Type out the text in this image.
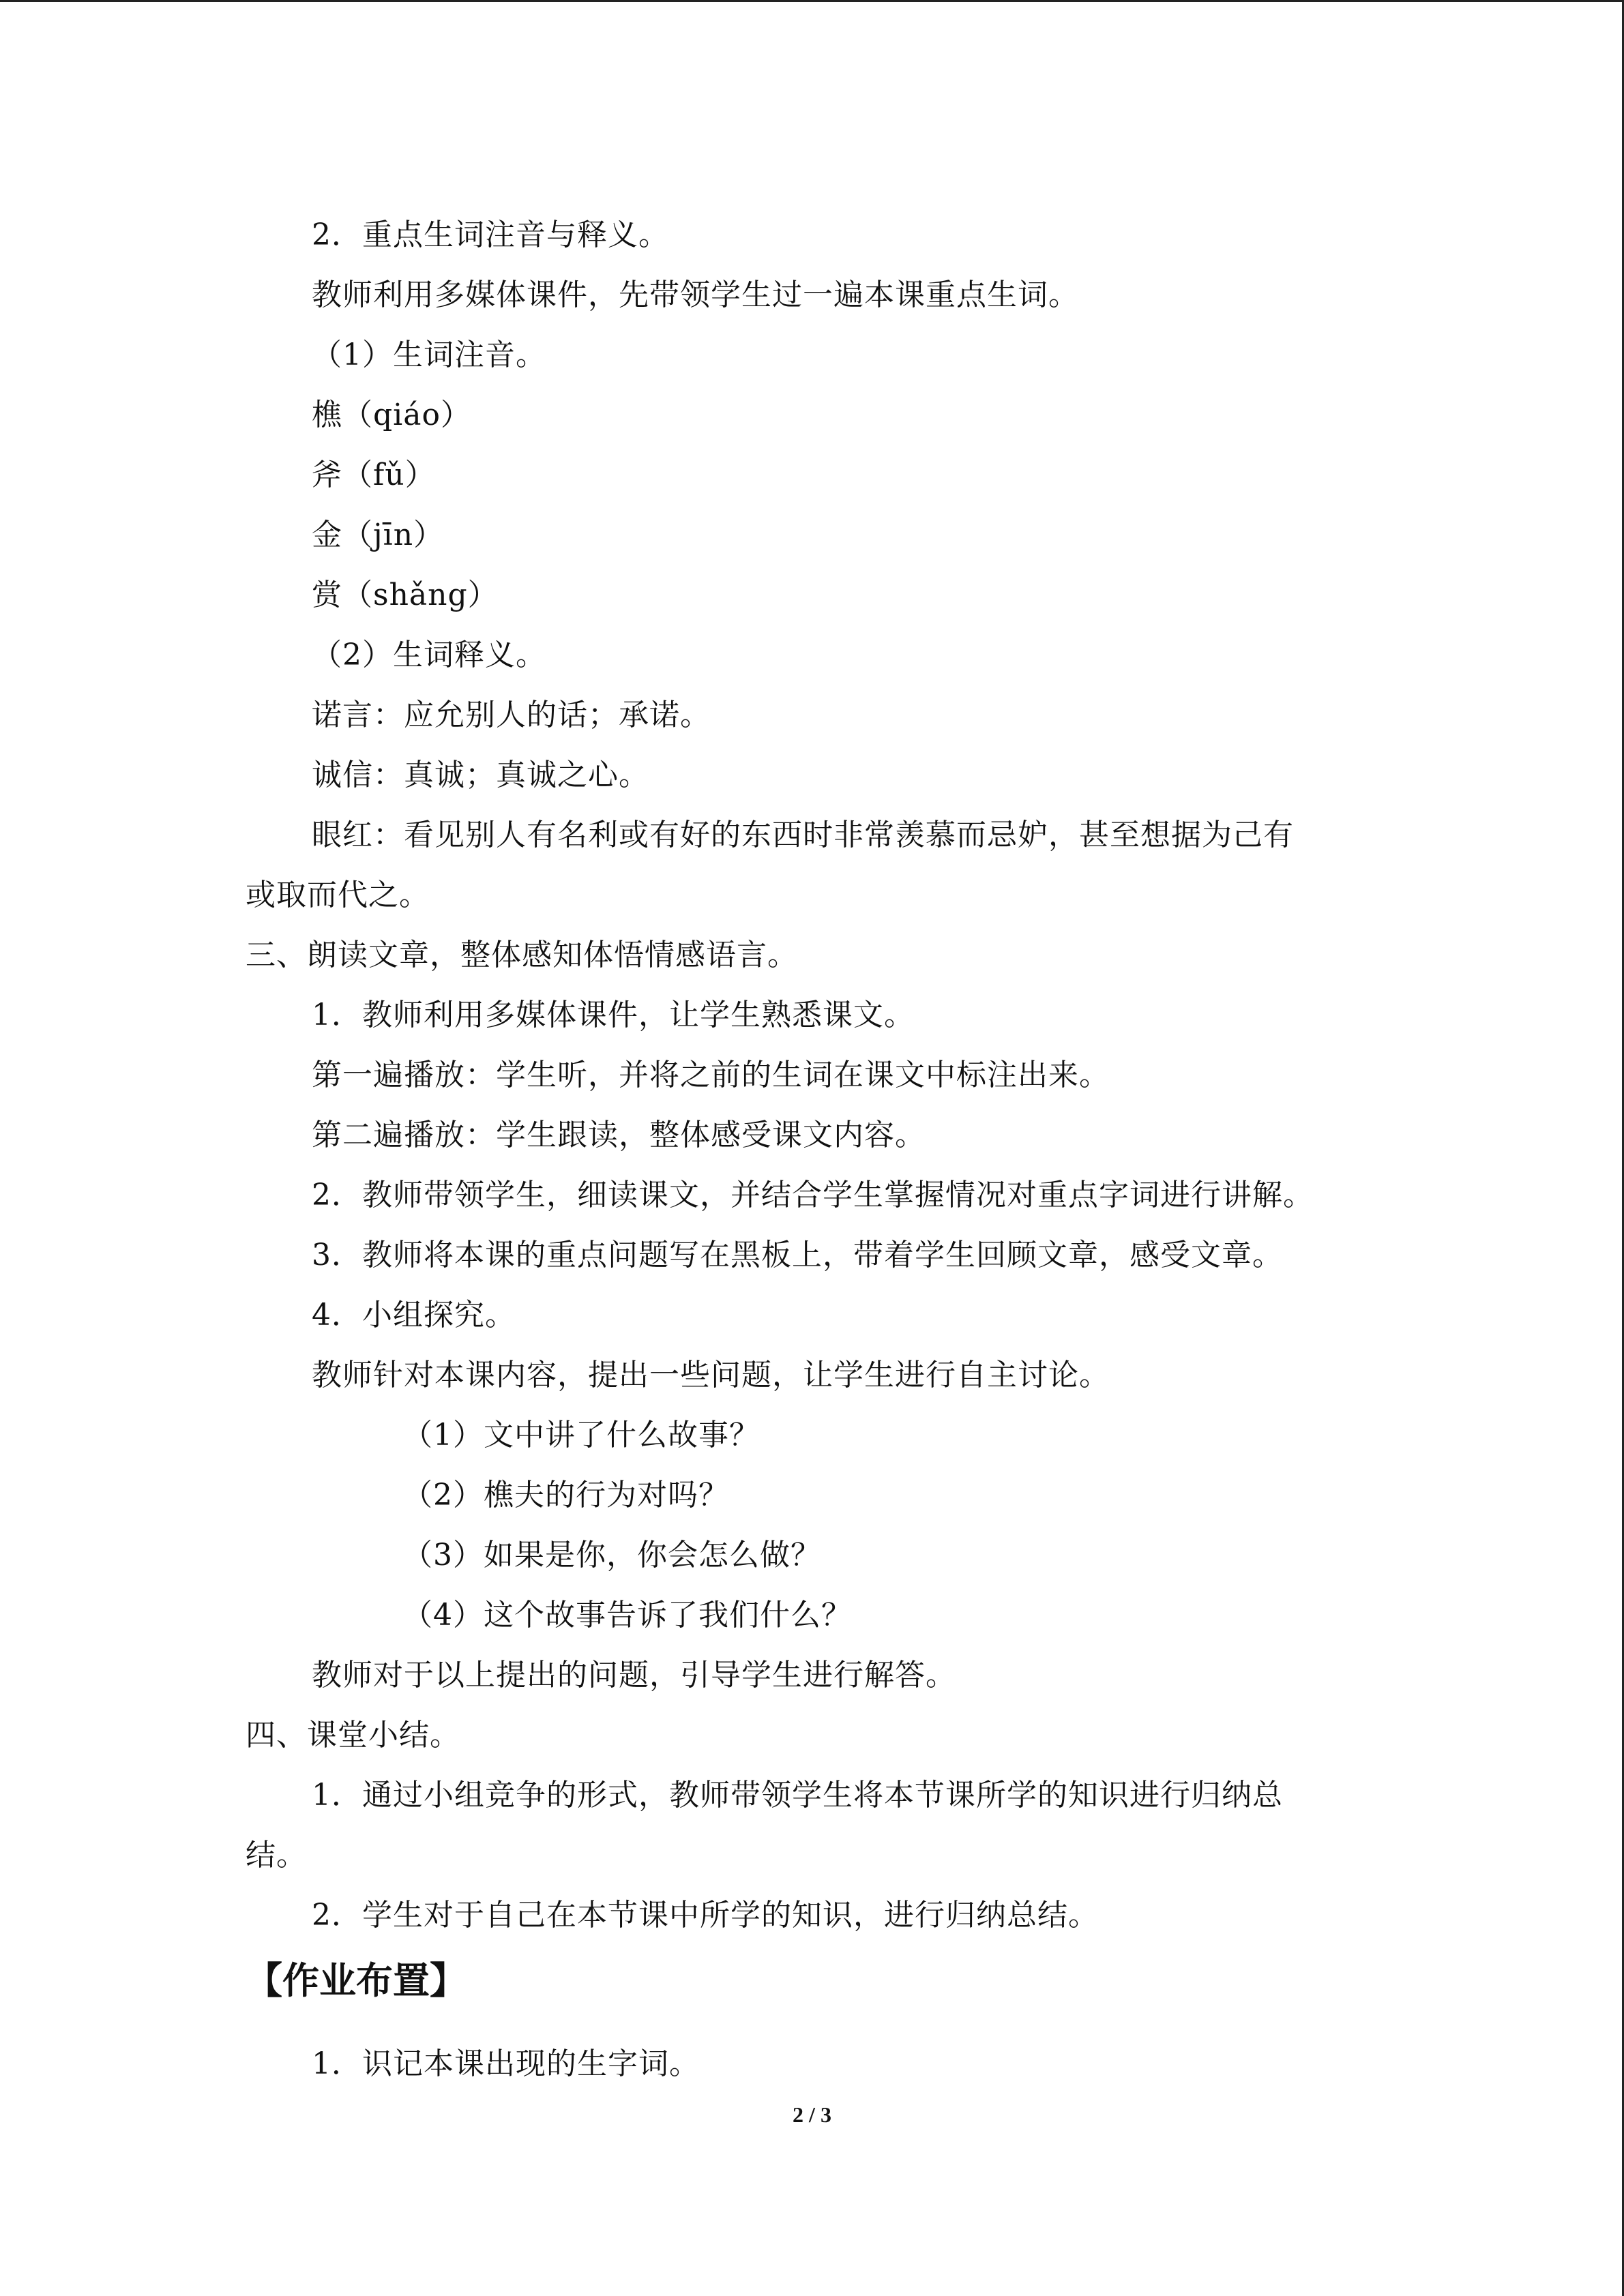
2．重点生词注音与释义。
教师利用多媒体课件，先带领学生过一遍本课重点生词。
（1）生词注音。
樵（qiáo）
斧（fǔ）
金（jīn）
赏（shǎng）
（2）生词释义。
诺言：应允别人的话；承诺。
诚信：真诚；真诚之心。
眼红：看见别人有名利或有好的东西时非常羡慕而忌妒，甚至想据为己有
或取而代之。
三、朗读文章，整体感知体悟情感语言。
1．教师利用多媒体课件，让学生熟悉课文。
第一遍播放：学生听，并将之前的生词在课文中标注出来。
第二遍播放：学生跟读，整体感受课文内容。
2．教师带领学生，细读课文，并结合学生掌握情况对重点字词进行讲解。
3．教师将本课的重点问题写在黑板上，带着学生回顾文章，感受文章。
4．小组探究。
教师针对本课内容，提出一些问题，让学生进行自主讨论。
（1）文中讲了什么故事？
（2）樵夫的行为对吗？
（3）如果是你，你会怎么做？
（4）这个故事告诉了我们什么？
教师对于以上提出的问题，引导学生进行解答。
四、课堂小结。
1．通过小组竞争的形式，教师带领学生将本节课所学的知识进行归纳总
结。
2．学生对于自己在本节课中所学的知识，进行归纳总结。
【作业布置】
1．识记本课出现的生字词。
2 / 3
